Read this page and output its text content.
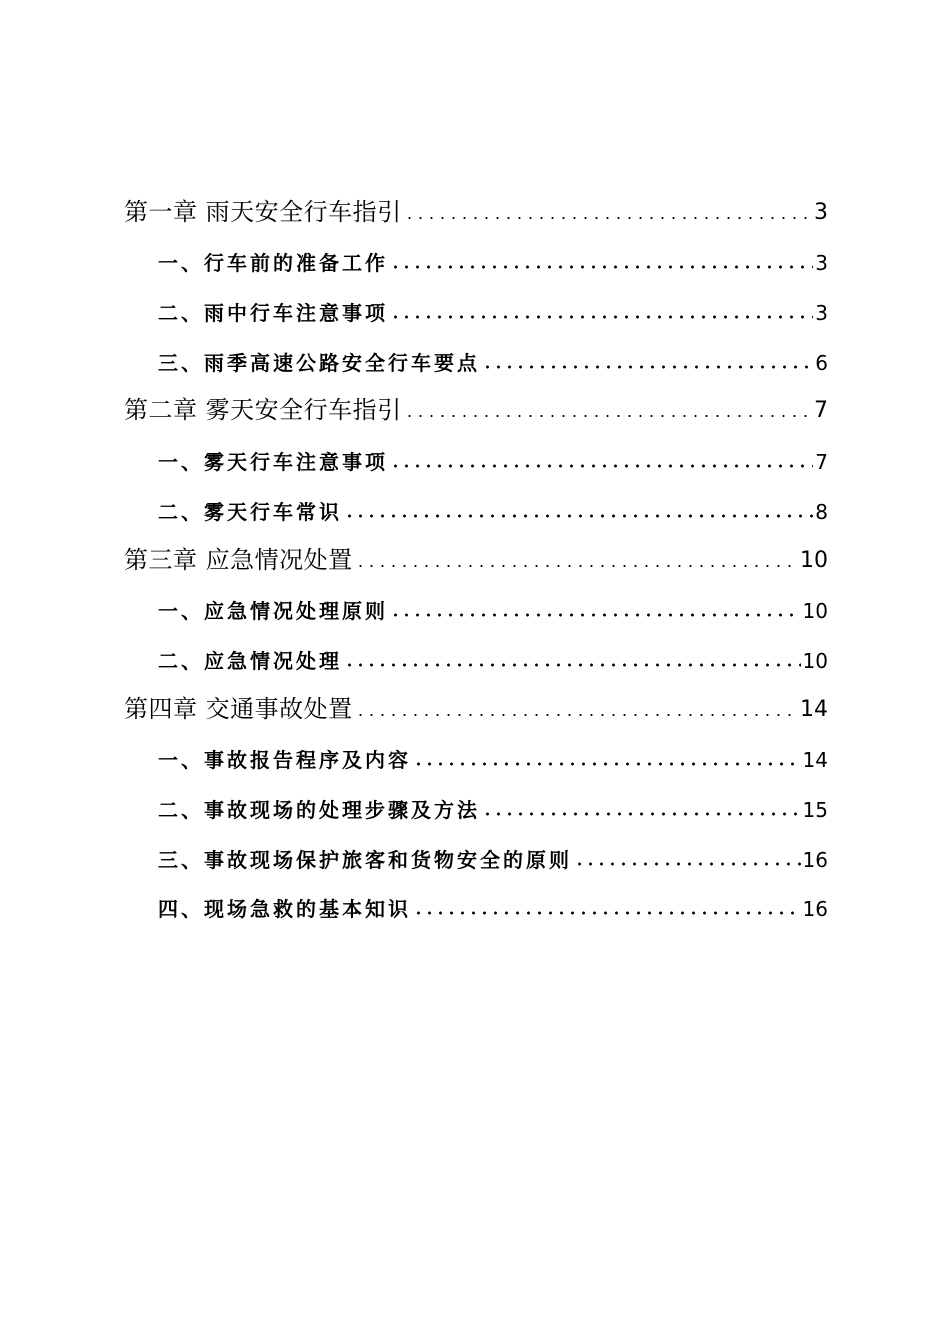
第一章 雨天安全行车指引	3
一、行车前的准备工作	3
二、雨中行车注意事项	3
三、雨季高速公路安全行车要点	6
第二章 雾天安全行车指引	7
一、雾天行车注意事项	7
二、雾天行车常识	8
第三章 应急情况处置	10
一、应急情况处理原则	10
二、应急情况处理	10
第四章 交通事故处置	14
一、事故报告程序及内容	14
二、事故现场的处理步骤及方法	15
三、事故现场保护旅客和货物安全的原则	16
四、现场急救的基本知识	16
